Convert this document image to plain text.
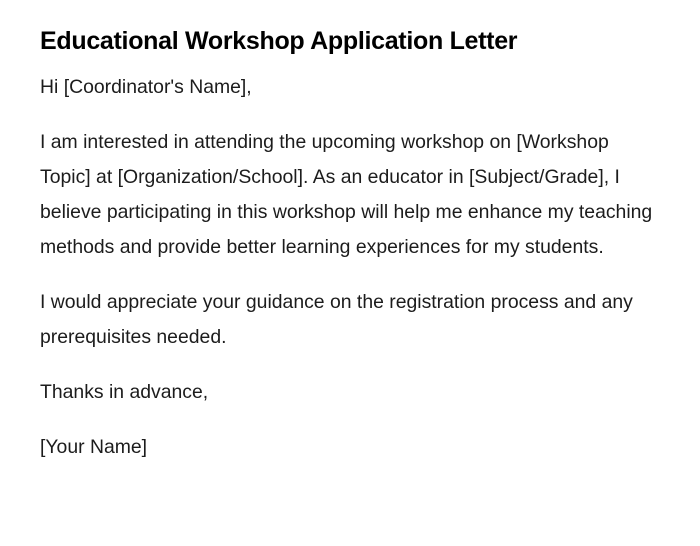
Educational Workshop Application Letter

Hi [Coordinator's Name],

I am interested in attending the upcoming workshop on [Workshop Topic] at [Organization/School]. As an educator in [Subject/Grade], I believe participating in this workshop will help me enhance my teaching methods and provide better learning experiences for my students.

I would appreciate your guidance on the registration process and any prerequisites needed.

Thanks in advance,

[Your Name]
